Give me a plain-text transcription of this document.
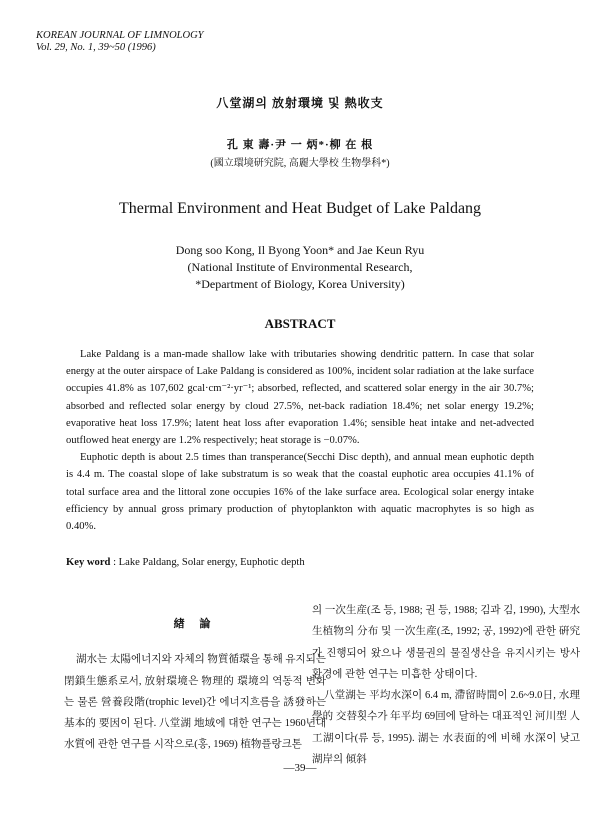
KOREAN JOURNAL OF LIMNOLOGY
Vol. 29, No. 1, 39~50 (1996)
八堂湖의 放射環境 및 熱收支
孔 東 壽·尹 一 炳*·柳 在 根
(國立環境研究院, 高麗大學校 生物學科*)
Thermal Environment and Heat Budget of Lake Paldang
Dong soo Kong, Il Byong Yoon* and Jae Keun Ryu
(National Institute of Environmental Research,
*Department of Biology, Korea University)
ABSTRACT

Lake Paldang is a man-made shallow lake with tributaries showing dendritic pattern. In case that solar energy at the outer airspace of Lake Paldang is considered as 100%, incident solar radiation at the lake surface occupies 41.8% as 107,602 gcal·cm⁻²·yr⁻¹; absorbed, reflected, and scattered solar energy in the air 30.7%; absorbed and reflected solar energy by cloud 27.5%, net-back radiation 18.4%; net solar energy 19.2%; evaporative heat loss 17.9%; latent heat loss after evaporation 1.4%; sensible heat intake and net-advected outflowed heat energy are 1.2% respectively; heat storage is −0.07%.

Euphotic depth is about 2.5 times than transperance(Secchi Disc depth), and annual mean euphotic depth is 4.4 m. The coastal slope of lake substratum is so weak that the coastal euphotic area occupies 41.1% of total surface area and the littoral zone occupies 16% of the lake surface area. Ecological solar energy intake efficiency by annual gross primary production of phytoplankton with aquatic macrophytes is so high as 0.40%.

Key word : Lake Paldang, Solar energy, Euphotic depth

緖 論

湖水는 太陽에너지와 자체의 物質循環을 통해 유지되는 閉鎖生態系로서, 放射環境은 物理的 環境의 역동적 변화는 물론 營養段階(trophic level)간 에너지흐름을 誘發하는 基本的 要因이 된다. 八堂湖 地域에 대한 연구는 1960년대 水質에 관한 연구를 시작으로(홍, 1969) 植物플랑크톤

의 一次生産(조 등, 1988; 권 등, 1988; 김과 김, 1990), 大型水生植物의 分布 및 一次生産(조, 1992; 공, 1992)에 관한 硏究가 진행되어 왔으나 생물권의 물질생산을 유지시키는 방사환경에 관한 연구는 미흡한 상태이다.

八堂湖는 平均水深이 6.4 m, 滯留時間이 2.6~9.0日, 水理學的 交替횟수가 年平均 69回에 달하는 대표적인 河川型 人工湖이다(류 등, 1995). 湖는 水表面的에 비해 水深이 낮고 湖岸의 傾斜

—39—
